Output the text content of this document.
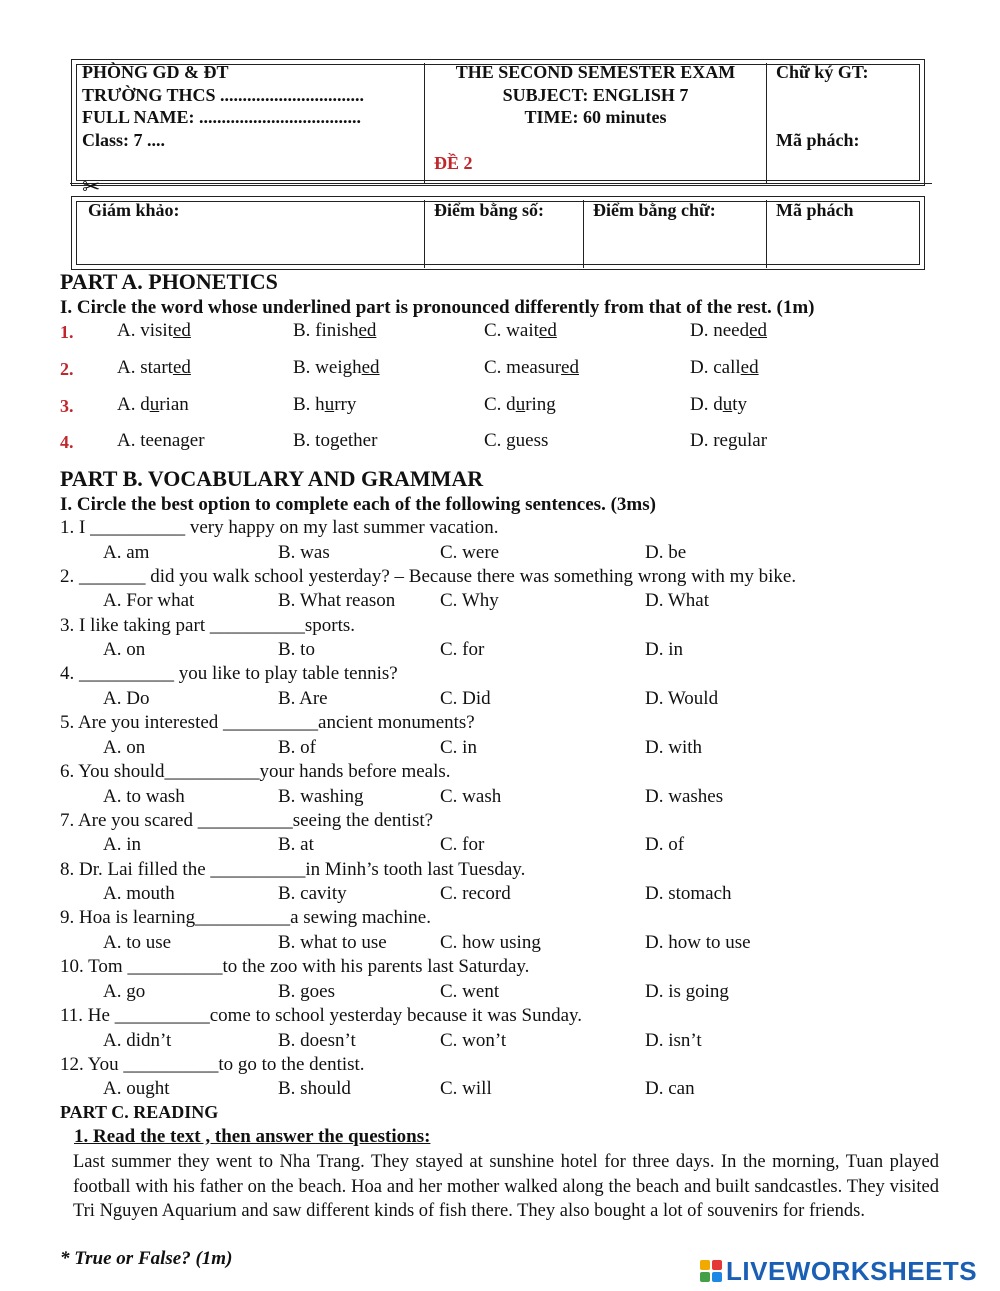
✂
PHÒNG GD & ĐT
TRƯỜNG THCS ................................
FULL NAME: ....................................
Class: 7 ....
THE SECOND SEMESTER EXAM
SUBJECT: ENGLISH 7
TIME: 60 minutes
ĐỀ 2
Chữ ký GT:
Mã phách:
Giám khảo:	Điểm bằng số:	Điểm bằng chữ:	Mã phách
PART A. PHONETICS
I. Circle the word whose underlined part is pronounced differently from that of the rest. (1m)
1. A. visited	B. finished	C. waited	D. needed
2. A. started	B. weighed	C. measured	D. called
3. A. durian	B. hurry	C. during	D. duty
4. A. teenager	B. together	C. guess	D. regular
PART B. VOCABULARY AND GRAMMAR
I. Circle the best option to complete each of the following sentences. (3ms)
1. I __________ very happy on my last summer vacation.
A. am	B. was	C. were	D. be
2. _______ did you walk school yesterday? – Because there was something wrong with my bike.
A. For what	B. What reason C. Why	D. What
3. I like taking part __________sports.
A. on	B. to	C. for	D. in
4. __________ you like to play table tennis?
A. Do	B. Are	C. Did	D. Would
5. Are you interested __________ancient monuments?
A. on	B. of	C. in	D. with
6. You should__________your hands before meals.
A. to wash	B. washing	C. wash	D. washes
7. Are you scared __________seeing the dentist?
A. in	B. at	C. for	D. of
8. Dr. Lai filled the __________in Minh’s tooth last Tuesday.
A. mouth	B. cavity	C. record	D. stomach
9. Hoa is learning__________a sewing machine.
A. to use	B. what to use	C. how using	D. how to use
10. Tom __________to the zoo with his parents last Saturday.
A. go	B. goes	C. went	D. is going
11. He __________come to school yesterday because it was Sunday.
A. didn’t	B. doesn’t	C. won’t	D. isn’t
12. You __________to go to the dentist.
A. ought	B. should	C. will	D. can
PART C. READING
1. Read the text , then answer the questions:
Last summer they went to Nha Trang. They stayed at sunshine hotel for three days. In the morning, Tuan played football with his father on the beach. Hoa and her mother walked along the beach and built sandcastles. They visited Tri Nguyen Aquarium and saw different kinds of fish there. They also bought a lot of souvenirs for friends.
* True or False? (1m)	LIVEWORKSHEETS
